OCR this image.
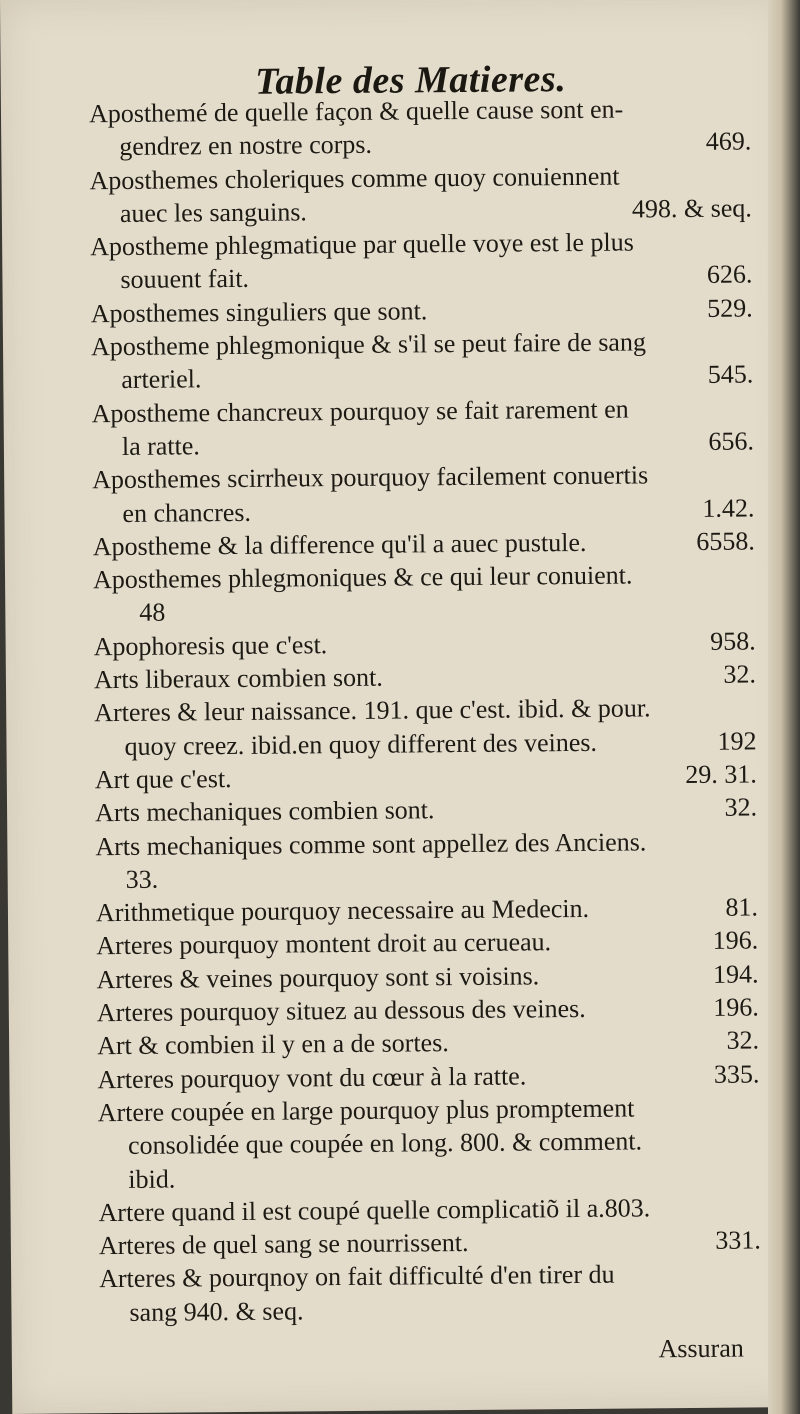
Table des Matieres.
Aposthemé de quelle façon & quelle cause sont en-
gendrez en nostre corps.	469.
Aposthemes choleriques comme quoy conuiennent
auec les sanguins.	498. & seq.
Apostheme phlegmatique par quelle voye est le plus
souuent fait.	626.
Aposthemes singuliers que sont.	529.
Apostheme phlegmonique & s'il se peut faire de sang
arteriel.	545.
Apostheme chancreux pourquoy se fait rarement en
la ratte.	656.
Aposthemes scirrheux pourquoy facilement conuertis
en chancres.	1.42.
Apostheme & la difference qu'il a auec pustule.	6558.
Aposthemes phlegmoniques & ce qui leur conuient.
48
Apophoresis que c'est.	958.
Arts liberaux combien sont.	32.
Arteres & leur naissance. 191. que c'est. ibid. & pour.
quoy creez. ibid.en quoy different des veines.	192
Art que c'est.	29. 31.
Arts mechaniques combien sont.	32.
Arts mechaniques comme sont appellez des Anciens.
33.
Arithmetique pourquoy necessaire au Medecin.	81.
Arteres pourquoy montent droit au cerueau.	196.
Arteres & veines pourquoy sont si voisins.	194.
Arteres pourquoy situez au dessous des veines.	196.
Art & combien il y en a de sortes.	32.
Arteres pourquoy vont du cœur à la ratte.	335.
Artere coupée en large pourquoy plus promptement
consolidée que coupée en long. 800. & comment.
ibid.
Artere quand il est coupé quelle complicatiõ il a.803.
Arteres de quel sang se nourrissent.	331.
Arteres & pourqnoy on fait difficulté d'en tirer du
sang 940. & seq.
Assuran
